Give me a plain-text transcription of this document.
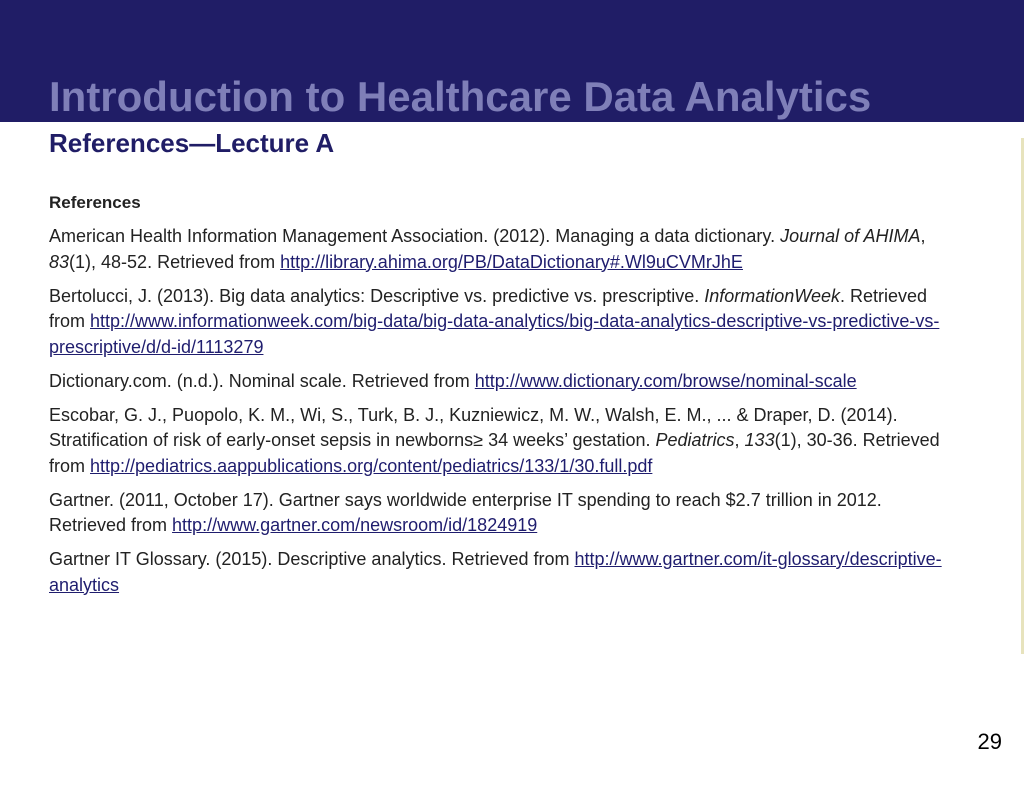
Introduction to Healthcare Data Analytics
References—Lecture A
References

American Health Information Management Association. (2012). Managing a data dictionary. Journal of AHIMA, 83(1), 48-52. Retrieved from http://library.ahima.org/PB/DataDictionary#.Wl9uCVMrJhE

Bertolucci, J. (2013). Big data analytics: Descriptive vs. predictive vs. prescriptive. InformationWeek. Retrieved from http://www.informationweek.com/big-data/big-data-analytics/big-data-analytics-descriptive-vs-predictive-vs-prescriptive/d/d-id/1113279

Dictionary.com. (n.d.). Nominal scale. Retrieved from http://www.dictionary.com/browse/nominal-scale

Escobar, G. J., Puopolo, K. M., Wi, S., Turk, B. J., Kuzniewicz, M. W., Walsh, E. M., ... & Draper, D. (2014). Stratification of risk of early-onset sepsis in newborns≥ 34 weeks’ gestation. Pediatrics, 133(1), 30-36. Retrieved from http://pediatrics.aappublications.org/content/pediatrics/133/1/30.full.pdf

Gartner. (2011, October 17). Gartner says worldwide enterprise IT spending to reach $2.7 trillion in 2012. Retrieved from http://www.gartner.com/newsroom/id/1824919

Gartner IT Glossary. (2015). Descriptive analytics. Retrieved from http://www.gartner.com/it-glossary/descriptive-analytics

29
